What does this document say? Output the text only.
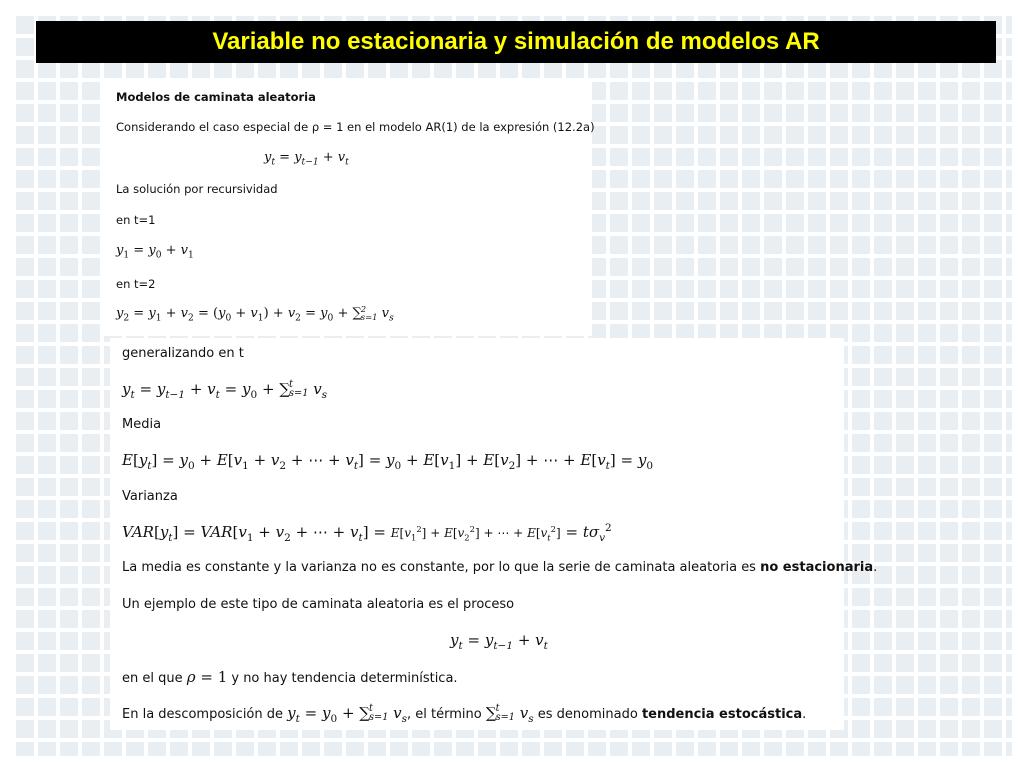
Variable no estacionaria y simulación de modelos AR
Modelos de caminata aleatoria
Considerando el caso especial de ρ = 1 en el modelo AR(1) de la expresión (12.2a)
$y_t = y_{t-1} + v_t$
La solución por recursividad
en t=1
$y_1 = y_0 + v_1$
en t=2
$y_2 = y_1 + v_2 = (y_0 + v_1) + v_2 = y_0$ + ∑ 2
s=1 $v_s$
generalizando en t
$y_t = y_{t-1} + v_t = y_0$ + ∑ t
s=1 $v_s$
Media
$E[y_t] = y_0 + E[v_1 + v_2$ + ⋯ + $v_t] = y_0 + E[v_1] + E[v_2]$ + ⋯ + $E[v_t] = y_0$
Varianza
$VAR[y_t] = VAR[v_1 + v_2$ + ⋯ + $v_t] = E[v_1^2] + E[v_2^2]$ + ⋯ + $E[v_t^2] = t\sigma_v^2$
La media es constante y la varianza no es constante, por lo que la serie de caminata aleatoria es no estacionaria.
Un ejemplo de este tipo de caminata aleatoria es el proceso
$y_t = y_{t-1} + v_t$
en el que ρ = 1 y no hay tendencia determinística.
En la descomposición de $y_t = y_0$ + ∑ t
s=1 $v_s$, el término ∑ t
s=1 $v_s$ es denominado tendencia estocástica.
